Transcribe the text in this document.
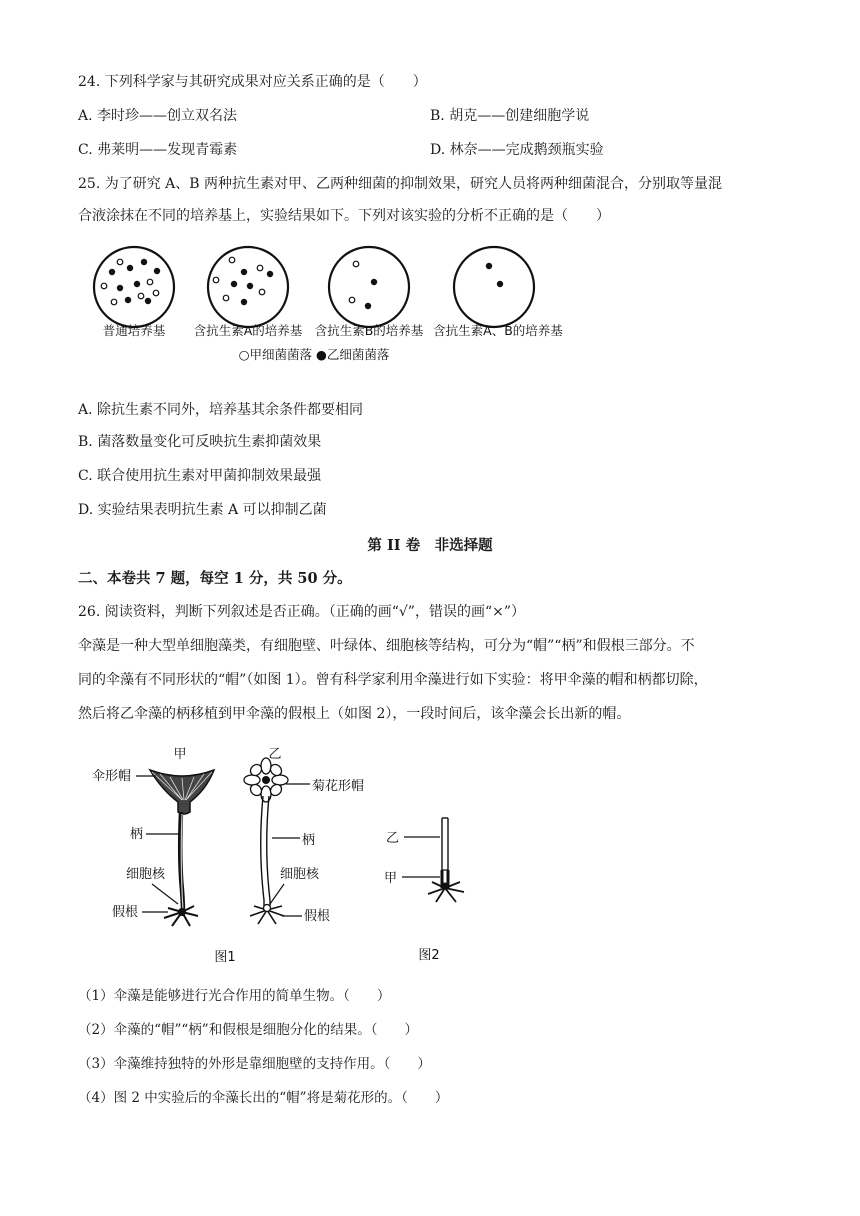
24. 下列科学家与其研究成果对应关系正确的是（　　）
A. 李时珍——创立双名法	B. 胡克——创建细胞学说
C. 弗莱明——发现青霉素	D. 林奈——完成鹅颈瓶实验
25. 为了研究 A、B 两种抗生素对甲、乙两种细菌的抑制效果，研究人员将两种细菌混合，分别取等量混
合液涂抹在不同的培养基上，实验结果如下。下列对该实验的分析不正确的是（　　）
普通培养基 含抗生素A的培养基 含抗生素B的培养基 含抗生素A、B的培养基
○甲细菌菌落 ●乙细菌菌落
A. 除抗生素不同外，培养基其余条件都要相同
B. 菌落数量变化可反映抗生素抑菌效果
C. 联合使用抗生素对甲菌抑制效果最强
D. 实验结果表明抗生素 A 可以抑制乙菌
第 II 卷　非选择题
二、本卷共 7 题，每空 1 分，共 50 分。
26. 阅读资料，判断下列叙述是否正确。（正确的画“√”，错误的画“×”）
伞藻是一种大型单细胞藻类，有细胞壁、叶绿体、细胞核等结构，可分为“帽”“柄”和假根三部分。不
同的伞藻有不同形状的“帽”（如图 1）。曾有科学家利用伞藻进行如下实验：将甲伞藻的帽和柄都切除，
然后将乙伞藻的柄移植到甲伞藻的假根上（如图 2），一段时间后，该伞藻会长出新的帽。
甲
伞形帽
柄
细胞核
假根
图1
乙
菊花形帽
柄
细胞核
假根
乙
甲
图2
（1）伞藻是能够进行光合作用的简单生物。（　　）
（2）伞藻的“帽”“柄”和假根是细胞分化的结果。（　　）
（3）伞藻维持独特的外形是靠细胞壁的支持作用。（　　）
（4）图 2 中实验后的伞藻长出的“帽”将是菊花形的。（　　）
